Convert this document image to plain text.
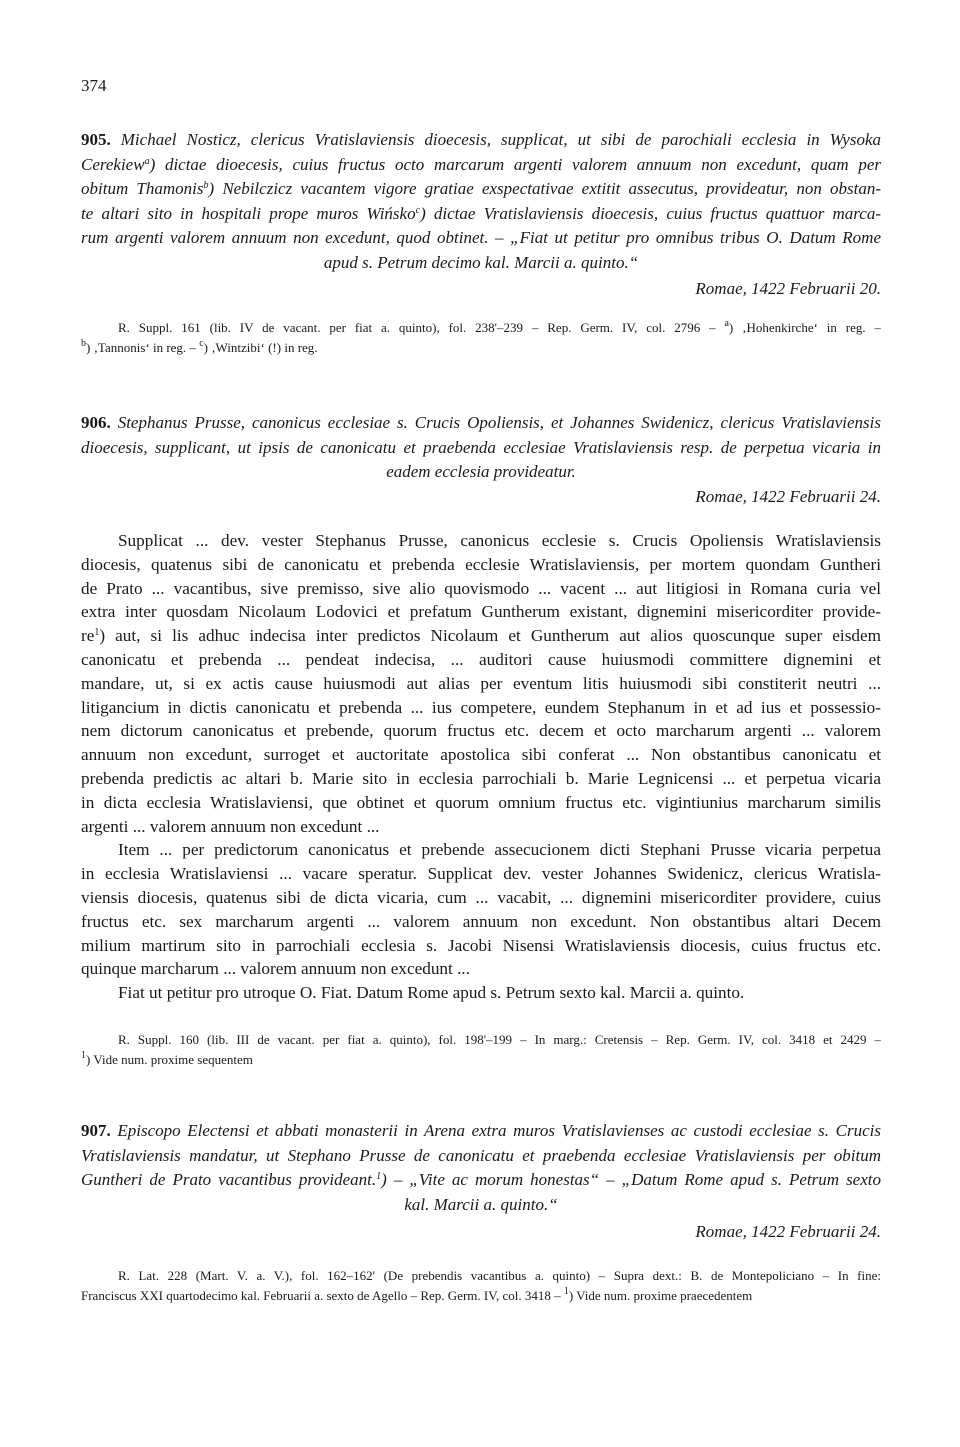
374
905. Michael Nosticz, clericus Vratislaviensis dioecesis, supplicat, ut sibi de parochiali ecclesia in Wysoka
Cerekiew$^a$) dictae dioecesis, cuius fructus octo marcarum argenti valorem annuum non excedunt, quam per
obitum Thamonis$^b$) Nebilczicz vacantem vigore gratiae exspectativae extitit assecutus, provideatur, non obstan-
te altari sito in hospitali prope muros Wińsko$^c$) dictae Vratislaviensis dioecesis, cuius fructus quattuor marca-
rum argenti valorem annuum non excedunt, quod obtinet. – „Fiat ut petitur pro omnibus tribus O. Datum Rome
apud s. Petrum decimo kal. Marcii a. quinto.“
Romae, 1422 Februarii 20.
R. Suppl. 161 (lib. IV de vacant. per fiat a. quinto), fol. 238'–239 – Rep. Germ. IV, col. 2796 – $^a$) ‚Hohenkirche‘ in reg. –
$^b$) ‚Tannonis‘ in reg. – $^c$) ‚Wintzibi‘ (!) in reg.
906. Stephanus Prusse, canonicus ecclesiae s. Crucis Opoliensis, et Johannes Swidenicz, clericus Vratislaviensis
dioecesis, supplicant, ut ipsis de canonicatu et praebenda ecclesiae Vratislaviensis resp. de perpetua vicaria in
eadem ecclesia provideatur.
Romae, 1422 Februarii 24.
Supplicat ... dev. vester Stephanus Prusse, canonicus ecclesie s. Crucis Opoliensis Wratislaviensis
diocesis, quatenus sibi de canonicatu et prebenda ecclesie Wratislaviensis, per mortem quondam Guntheri
de Prato ... vacantibus, sive premisso, sive alio quovismodo ... vacent ... aut litigiosi in Romana curia vel
extra inter quosdam Nicolaum Lodovici et prefatum Guntherum existant, dignemini misericorditer provide-
$re^1$) aut, si lis adhuc indecisa inter predictos Nicolaum et Guntherum aut alios quoscunque super eisdem
canonicatu et prebenda ... pendeat indecisa, ... auditori cause huiusmodi committere dignemini et
mandare, ut, si ex actis cause huiusmodi aut alias per eventum litis huiusmodi sibi constiterit neutri ...
litigancium in dictis canonicatu et prebenda ... ius competere, eundem Stephanum in et ad ius et possessio-
nem dictorum canonicatus et prebende, quorum fructus etc. decem et octo marcharum argenti ... valorem
annuum non excedunt, surroget et auctoritate apostolica sibi conferat ... Non obstantibus canonicatu et
prebenda predictis ac altari b. Marie sito in ecclesia parrochiali b. Marie Legnicensi ... et perpetua vicaria
in dicta ecclesia Wratislaviensi, que obtinet et quorum omnium fructus etc. vigintiunius marcharum similis
argenti ... valorem annuum non excedunt ...
Item ... per predictorum canonicatus et prebende assecucionem dicti Stephani Prusse vicaria perpetua
in ecclesia Wratislaviensi ... vacare speratur. Supplicat dev. vester Johannes Swidenicz, clericus Wratisla-
viensis diocesis, quatenus sibi de dicta vicaria, cum ... vacabit, ... dignemini misericorditer providere, cuius
fructus etc. sex marcharum argenti ... valorem annuum non excedunt. Non obstantibus altari Decem
milium martirum sito in parrochiali ecclesia s. Jacobi Nisensi Wratislaviensis diocesis, cuius fructus etc.
quinque marcharum ... valorem annuum non excedunt ...
Fiat ut petitur pro utroque O. Fiat. Datum Rome apud s. Petrum sexto kal. Marcii a. quinto.
R. Suppl. 160 (lib. III de vacant. per fiat a. quinto), fol. 198'–199 – In marg.: Cretensis – Rep. Germ. IV, col. 3418 et 2429 –
$^1$) Vide num. proxime sequentem
907. Episcopo Electensi et abbati monasterii in Arena extra muros Vratislavienses ac custodi ecclesiae s. Crucis
Vratislaviensis mandatur, ut Stephano Prusse de canonicatu et praebenda ecclesiae Vratislaviensis per obitum
Guntheri de Prato vacantibus provideant.$^1$) – „Vite ac morum honestas“ – „Datum Rome apud s. Petrum sexto
kal. Marcii a. quinto.“
Romae, 1422 Februarii 24.
R. Lat. 228 (Mart. V. a. V.), fol. 162–162' (De prebendis vacantibus a. quinto) – Supra dext.: B. de Montepoliciano – In fine:
Franciscus XXI quartodecimo kal. Februarii a. sexto de Agello – Rep. Germ. IV, col. 3418 – $^1$) Vide num. proxime praecedentem
